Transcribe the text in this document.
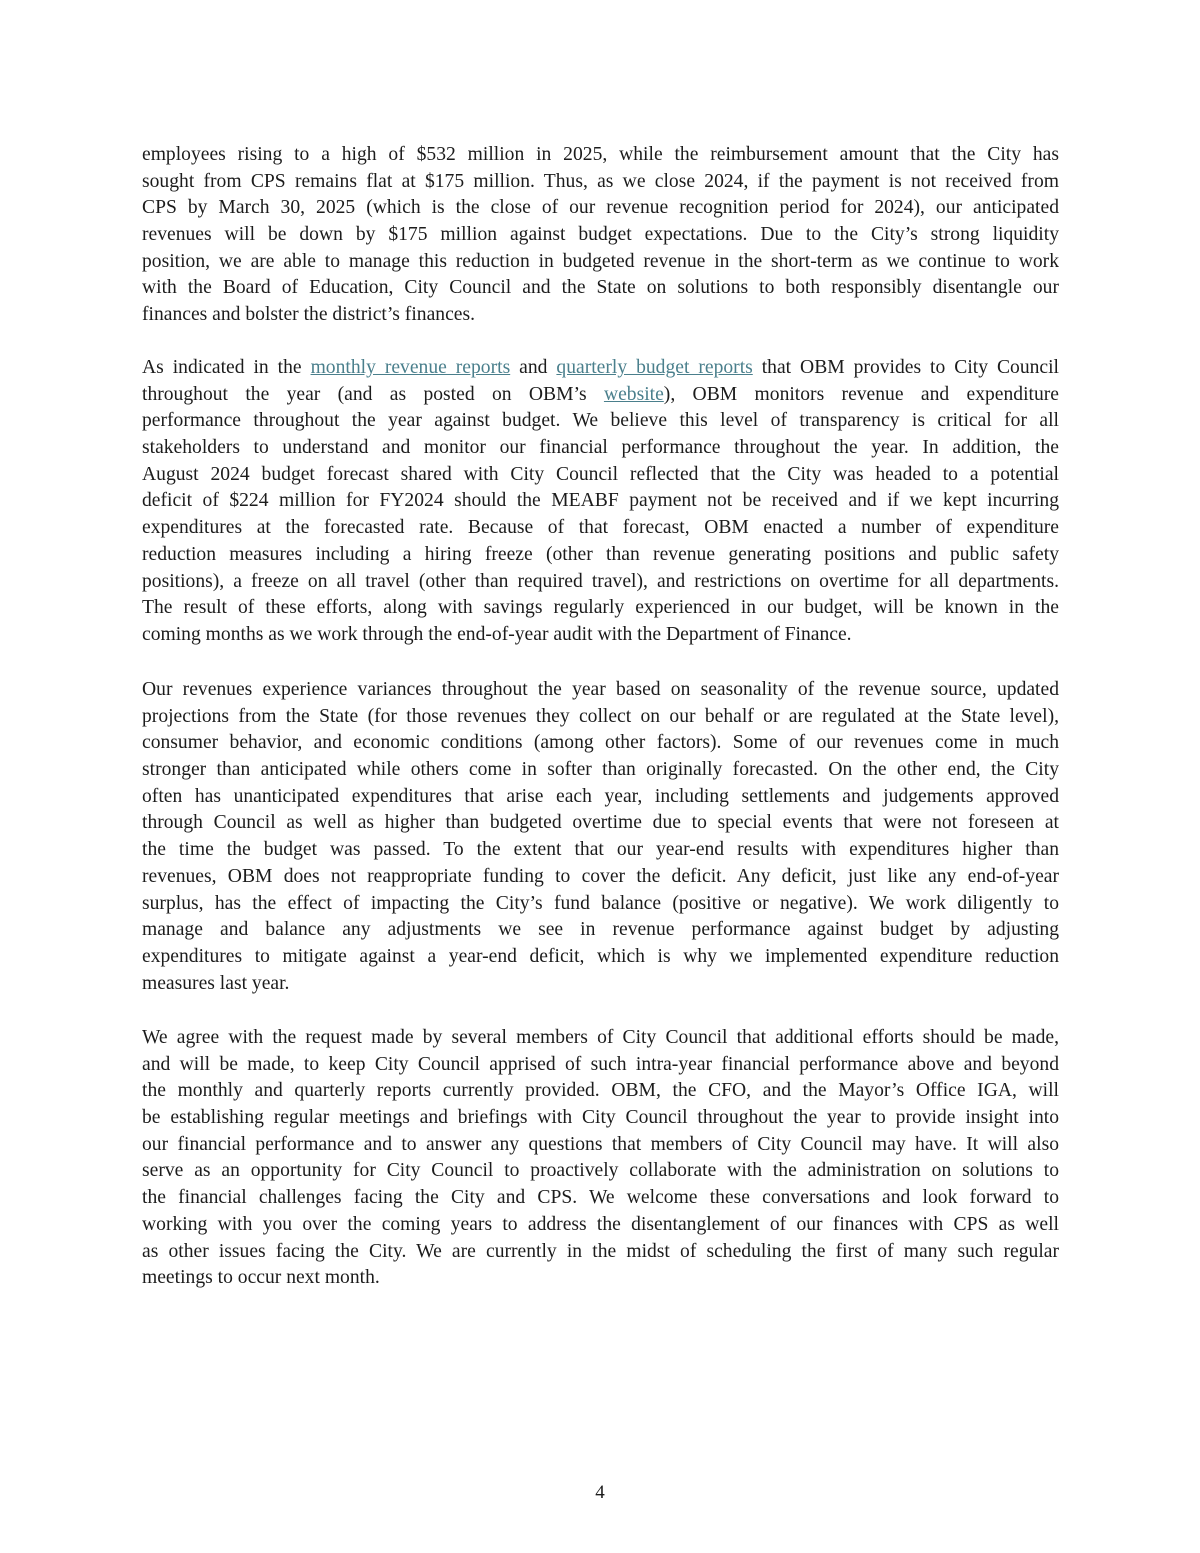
employees rising to a high of $532 million in 2025, while the reimbursement amount that the City has
sought from CPS remains flat at $175 million. Thus, as we close 2024, if the payment is not received from
CPS by March 30, 2025 (which is the close of our revenue recognition period for 2024), our anticipated
revenues will be down by $175 million against budget expectations. Due to the City’s strong liquidity
position, we are able to manage this reduction in budgeted revenue in the short-term as we continue to work
with the Board of Education, City Council and the State on solutions to both responsibly disentangle our
finances and bolster the district’s finances.
As indicated in the monthly revenue reports and quarterly budget reports that OBM provides to City Council
throughout the year (and as posted on OBM’s website), OBM monitors revenue and expenditure
performance throughout the year against budget. We believe this level of transparency is critical for all
stakeholders to understand and monitor our financial performance throughout the year. In addition, the
August 2024 budget forecast shared with City Council reflected that the City was headed to a potential
deficit of $224 million for FY2024 should the MEABF payment not be received and if we kept incurring
expenditures at the forecasted rate. Because of that forecast, OBM enacted a number of expenditure
reduction measures including a hiring freeze (other than revenue generating positions and public safety
positions), a freeze on all travel (other than required travel), and restrictions on overtime for all departments.
The result of these efforts, along with savings regularly experienced in our budget, will be known in the
coming months as we work through the end-of-year audit with the Department of Finance.
Our revenues experience variances throughout the year based on seasonality of the revenue source, updated
projections from the State (for those revenues they collect on our behalf or are regulated at the State level),
consumer behavior, and economic conditions (among other factors). Some of our revenues come in much
stronger than anticipated while others come in softer than originally forecasted. On the other end, the City
often has unanticipated expenditures that arise each year, including settlements and judgements approved
through Council as well as higher than budgeted overtime due to special events that were not foreseen at
the time the budget was passed. To the extent that our year-end results with expenditures higher than
revenues, OBM does not reappropriate funding to cover the deficit. Any deficit, just like any end-of-year
surplus, has the effect of impacting the City’s fund balance (positive or negative). We work diligently to
manage and balance any adjustments we see in revenue performance against budget by adjusting
expenditures to mitigate against a year-end deficit, which is why we implemented expenditure reduction
measures last year.
We agree with the request made by several members of City Council that additional efforts should be made,
and will be made, to keep City Council apprised of such intra-year financial performance above and beyond
the monthly and quarterly reports currently provided. OBM, the CFO, and the Mayor’s Office IGA, will
be establishing regular meetings and briefings with City Council throughout the year to provide insight into
our financial performance and to answer any questions that members of City Council may have. It will also
serve as an opportunity for City Council to proactively collaborate with the administration on solutions to
the financial challenges facing the City and CPS. We welcome these conversations and look forward to
working with you over the coming years to address the disentanglement of our finances with CPS as well
as other issues facing the City. We are currently in the midst of scheduling the first of many such regular
meetings to occur next month.
4
